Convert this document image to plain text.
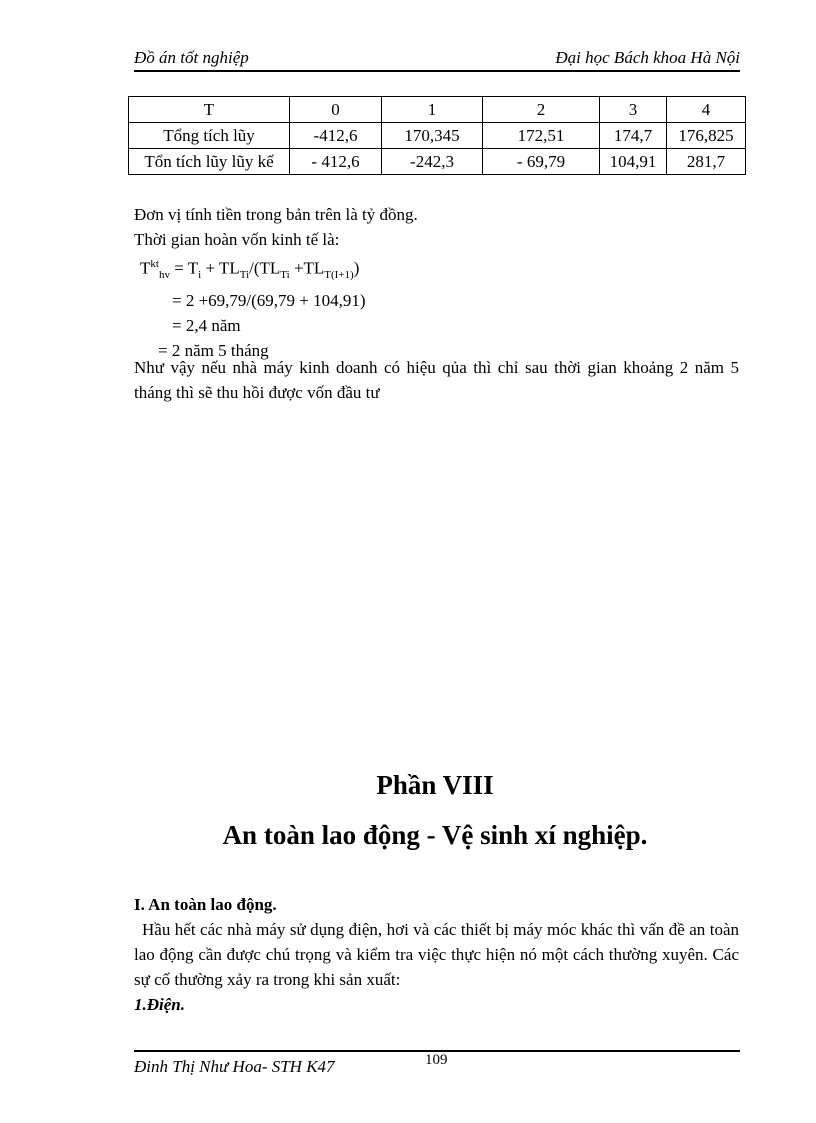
Đồ án tốt nghiệp	Đại học Bách khoa Hà Nội
T	0	1	2	3	4
Tổng tích lũy	-412,6	170,345	172,51	174,7	176,825
Tổn tích lũy lũy kế	- 412,6	-242,3	- 69,79	104,91	281,7
Đơn vị tính tiền trong bản trên là tỷ đồng.
Thời gian hoàn vốn kinh tế là:
$T^{kt}_{hv} = T_i + TL_{Ti}/(TL_{Ti} +TL_{T(I+1)})$
= 2 +69,79/(69,79 + 104,91)
= 2,4 năm
= 2 năm 5 tháng
Như vậy nếu nhà máy kinh doanh có hiệu qủa thì chỉ sau thời gian khoảng 2 năm 5 tháng thì sẽ thu hồi được vốn đầu tư
Phần VIII
An toàn lao động - Vệ sinh xí nghiệp.
I. An toàn lao động.
Hầu hết các nhà máy sử dụng điện, hơi và các thiết bị máy móc khác thì vấn đề an toàn lao động cần được chú trọng và kiểm tra việc thực hiện nó một cách thường xuyên. Các sự cố thường xảy ra trong khi sản xuất:
1.Điện.
Đinh Thị Như Hoa- STH K47	109
